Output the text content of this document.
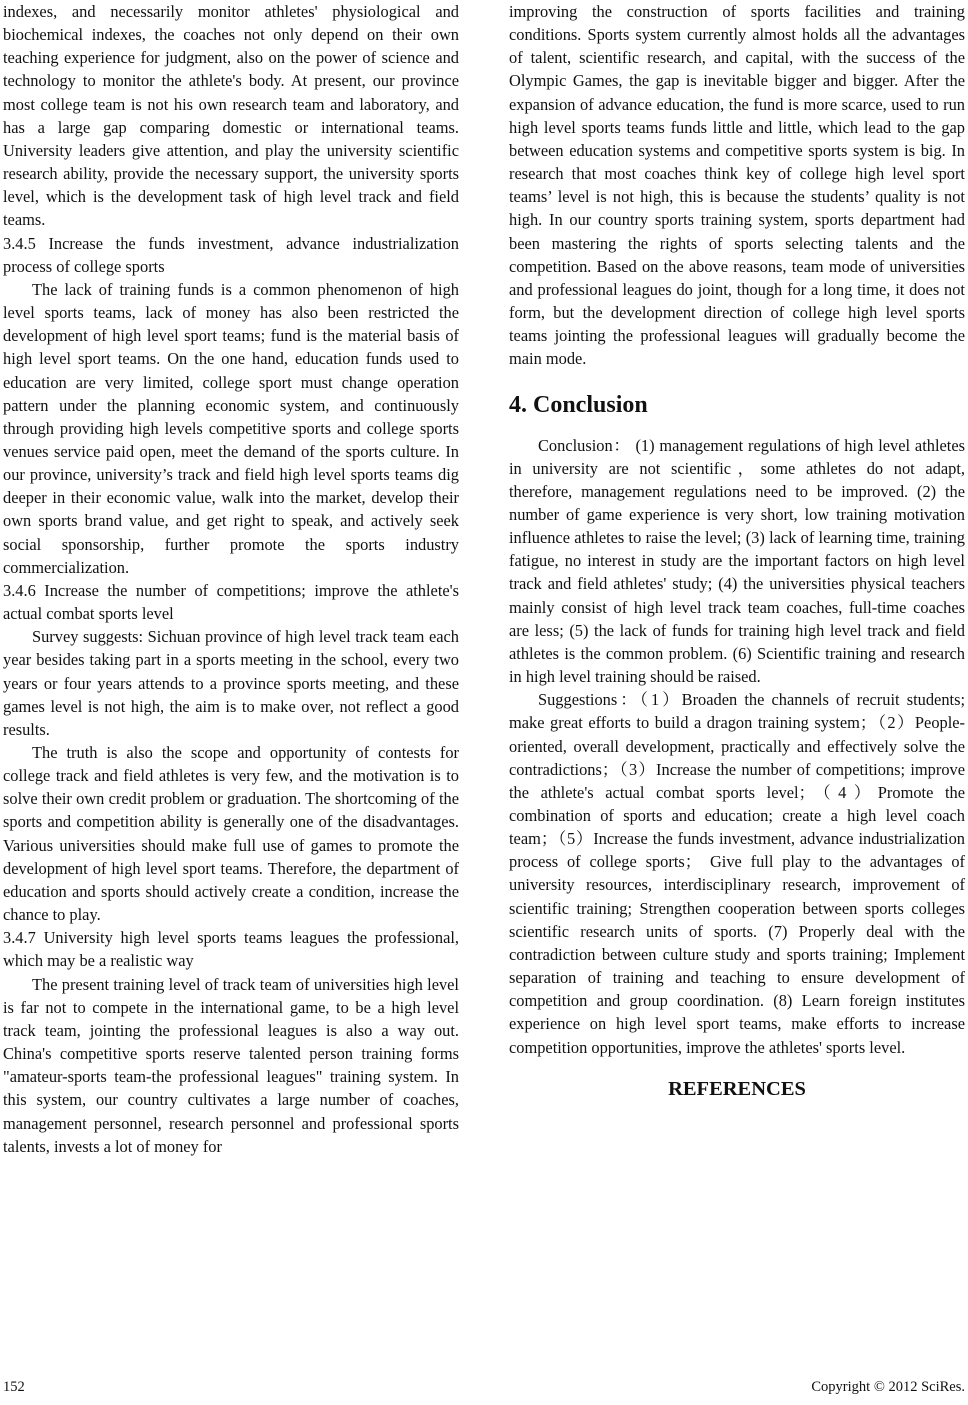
indexes, and necessarily monitor athletes' physiological and biochemical indexes, the coaches not only depend on their own teaching experience for judgment, also on the power of science and technology to monitor the athlete's body. At present, our province most college team is not his own research team and laboratory, and has a large gap comparing domestic or international teams. University leaders give attention, and play the university scientific research ability, provide the necessary support, the university sports level, which is the development task of high level track and field teams.

3.4.5 Increase the funds investment, advance industrialization process of college sports

The lack of training funds is a common phenomenon of high level sports teams, lack of money has also been restricted the development of high level sport teams; fund is the material basis of high level sport teams. On the one hand, education funds used to education are very limited, college sport must change operation pattern under the planning economic system, and continuously through providing high levels competitive sports and college sports venues service paid open, meet the demand of the sports culture. In our province, university’s track and field high level sports teams dig deeper in their economic value, walk into the market, develop their own sports brand value, and get right to speak, and actively seek social sponsorship, further promote the sports industry commercialization.

3.4.6 Increase the number of competitions; improve the athlete's actual combat sports level

Survey suggests: Sichuan province of high level track team each year besides taking part in a sports meeting in the school, every two years or four years attends to a province sports meeting, and these games level is not high, the aim is to make over, not reflect a good results.

The truth is also the scope and opportunity of contests for college track and field athletes is very few, and the motivation is to solve their own credit problem or graduation. The shortcoming of the sports and competition ability is generally one of the disadvantages. Various universities should make full use of games to promote the development of high level sport teams. Therefore, the department of education and sports should actively create a condition, increase the chance to play.

3.4.7 University high level sports teams leagues the professional, which may be a realistic way

The present training level of track team of universities high level is far not to compete in the international game, to be a high level track team, jointing the professional leagues is also a way out. China's competitive sports reserve talented person training forms "amateur-sports team-the professional leagues" training system. In this system, our country cultivates a large number of coaches, management personnel, research personnel and professional sports talents, invests a lot of money for

improving the construction of sports facilities and training conditions. Sports system currently almost holds all the advantages of talent, scientific research, and capital, with the success of the Olympic Games, the gap is inevitable bigger and bigger. After the expansion of advance education, the fund is more scarce, used to run high level sports teams funds little and little, which lead to the gap between education systems and competitive sports system is big. In research that most coaches think key of college high level sport teams’ level is not high, this is because the students’ quality is not high. In our country sports training system, sports department had been mastering the rights of sports selecting talents and the competition. Based on the above reasons, team mode of universities and professional leagues do joint, though for a long time, it does not form, but the development direction of college high level sports teams jointing the professional leagues will gradually become the main mode.

4. Conclusion

Conclusion： (1) management regulations of high level athletes in university are not scientific，some athletes do not adapt, therefore, management regulations need to be improved. (2) the number of game experience is very short, low training motivation influence athletes to raise the level; (3) lack of learning time, training fatigue, no interest in study are the important factors on high level track and field athletes' study; (4) the universities physical teachers mainly consist of high level track team coaches, full-time coaches are less; (5) the lack of funds for training high level track and field athletes is the common problem. (6) Scientific training and research in high level training should be raised.

Suggestions：（1）Broaden the channels of recruit students; make great efforts to build a dragon training system；（2）People-oriented, overall development, practically and effectively solve the contradictions；（3）Increase the number of competitions; improve the athlete's actual combat sports level；（4）Promote the combination of sports and education; create a high level coach team；（5）Increase the funds investment, advance industrialization process of college sports； Give full play to the advantages of university resources, interdisciplinary research, improvement of scientific training; Strengthen cooperation between sports colleges scientific research units of sports. (7) Properly deal with the contradiction between culture study and sports training; Implement separation of training and teaching to ensure development of competition and group coordination. (8) Learn foreign institutes experience on high level sport teams, make efforts to increase competition opportunities, improve the athletes' sports level.

REFERENCES
152	Copyright © 2012 SciRes.
